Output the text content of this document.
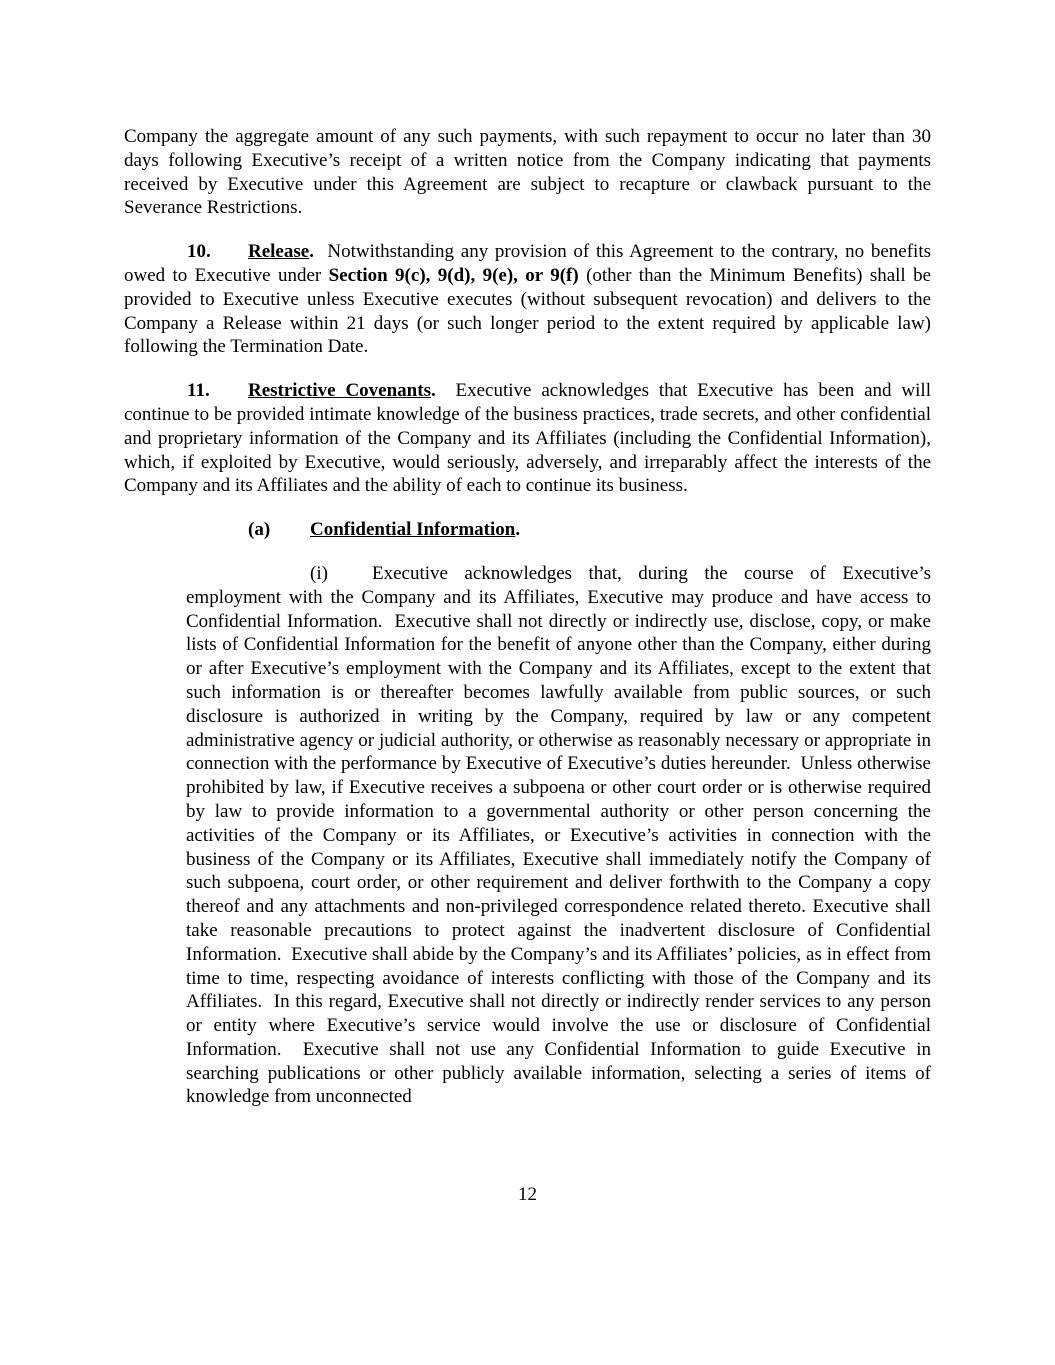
Company the aggregate amount of any such payments, with such repayment to occur no later than 30 days following Executive’s receipt of a written notice from the Company indicating that payments received by Executive under this Agreement are subject to recapture or clawback pursuant to the Severance Restrictions.

10. Release.  Notwithstanding any provision of this Agreement to the contrary, no benefits owed to Executive under Section 9(c), 9(d), 9(e), or 9(f) (other than the Minimum Benefits) shall be provided to Executive unless Executive executes (without subsequent revocation) and delivers to the Company a Release within 21 days (or such longer period to the extent required by applicable law) following the Termination Date.

11. Restrictive Covenants.  Executive acknowledges that Executive has been and will continue to be provided intimate knowledge of the business practices, trade secrets, and other confidential and proprietary information of the Company and its Affiliates (including the Confidential Information), which, if exploited by Executive, would seriously, adversely, and irreparably affect the interests of the Company and its Affiliates and the ability of each to continue its business.

(a) Confidential Information.

(i) Executive acknowledges that, during the course of Executive’s employment with the Company and its Affiliates, Executive may produce and have access to Confidential Information.  Executive shall not directly or indirectly use, disclose, copy, or make lists of Confidential Information for the benefit of anyone other than the Company, either during or after Executive’s employment with the Company and its Affiliates, except to the extent that such information is or thereafter becomes lawfully available from public sources, or such disclosure is authorized in writing by the Company, required by law or any competent administrative agency or judicial authority, or otherwise as reasonably necessary or appropriate in connection with the performance by Executive of Executive’s duties hereunder.  Unless otherwise prohibited by law, if Executive receives a subpoena or other court order or is otherwise required by law to provide information to a governmental authority or other person concerning the activities of the Company or its Affiliates, or Executive’s activities in connection with the business of the Company or its Affiliates, Executive shall immediately notify the Company of such subpoena, court order, or other requirement and deliver forthwith to the Company a copy thereof and any attachments and non-privileged correspondence related thereto. Executive shall take reasonable precautions to protect against the inadvertent disclosure of Confidential Information.  Executive shall abide by the Company’s and its Affiliates’ policies, as in effect from time to time, respecting avoidance of interests conflicting with those of the Company and its Affiliates.  In this regard, Executive shall not directly or indirectly render services to any person or entity where Executive’s service would involve the use or disclosure of Confidential Information.  Executive shall not use any Confidential Information to guide Executive in searching publications or other publicly available information, selecting a series of items of knowledge from unconnected

12
